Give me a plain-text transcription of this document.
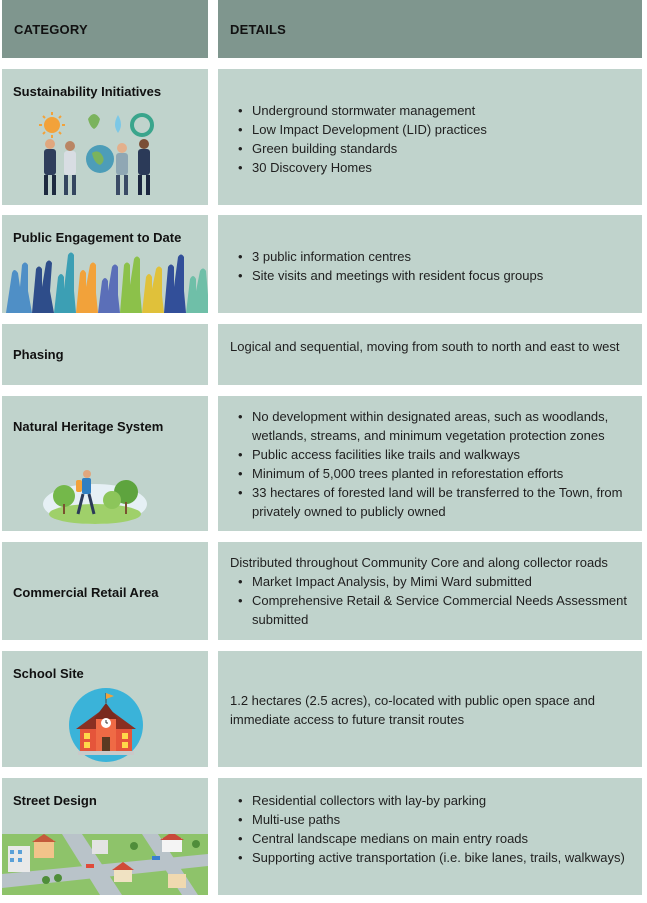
CATEGORY	DETAILS
Sustainability Initiatives
• Underground stormwater management
• Low Impact Development (LID) practices
• Green building standards
• 30 Discovery Homes
Public Engagement to Date
• 3 public information centres
• Site visits and meetings with resident focus groups
Phasing
Logical and sequential, moving from south to north and east to west
Natural Heritage System
• No development within designated areas, such as woodlands, wetlands, streams, and minimum vegetation protection zones
• Public access facilities like trails and walkways
• Minimum of 5,000 trees planted in reforestation efforts
• 33 hectares of forested land will be transferred to the Town, from privately owned to publicly owned
Commercial Retail Area
Distributed throughout Community Core and along collector roads
• Market Impact Analysis, by Mimi Ward submitted
• Comprehensive Retail & Service Commercial Needs Assessment submitted
School Site
1.2 hectares (2.5 acres), co-located with public open space and immediate access to future transit routes
Street Design
•	Residential collectors with lay-by parking
• Multi-use paths
• Central landscape medians on main entry roads
• Supporting active transportation (i.e. bike lanes, trails, walkways)
